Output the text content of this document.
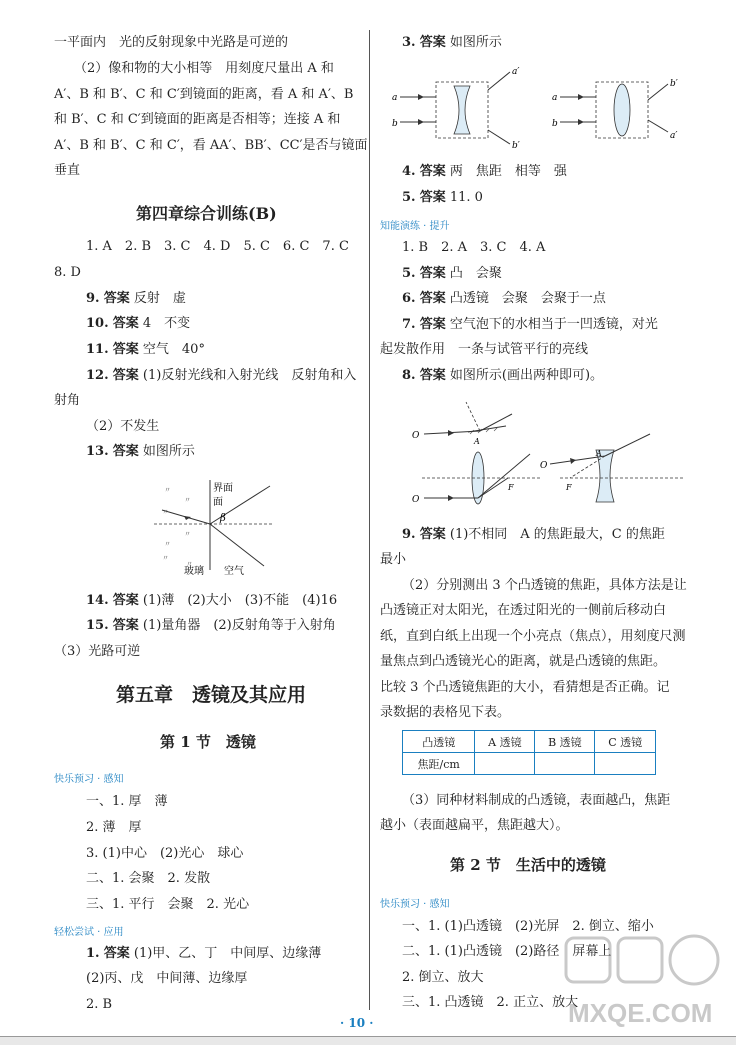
一平面内　光的反射现象中光路是可逆的
（2）像和物的大小相等　用刻度尺量出 A 和
A′、B 和 B′、C 和 C′到镜面的距离，看 A 和 A′、B
和 B′、C 和 C′到镜面的距离是否相等；连接 A 和
A′、B 和 B′、C 和 C′，看 AA′、BB′、CC′是否与镜面
垂直
第四章综合训练(B)
1. A　2. B　3. C　4. D　5. C　6. C　7. C
8. D
9. 答案 反射　虚
10. 答案 4　不变
11. 答案 空气　40°
12. 答案 (1)反射光线和入射光线　反射角和入
射角
（2）不发生
13. 答案 如图所示
〃
〃
〃
〃
〃
〃
〃
界面
面
β
玻璃 空气
14. 答案 (1)薄　(2)大小　(3)不能　(4)16
15. 答案 (1)量角器　(2)反射角等于入射角
（3）光路可逆
第五章　透镜及其应用
第 1 节　透镜
快乐预习 · 感知
一、1. 厚　薄
2. 薄　厚
3. (1)中心　(2)光心　球心
二、1. 会聚　2. 发散
三、1. 平行　会聚　2. 光心
轻松尝试 · 应用
1. 答案 (1)甲、乙、丁　中间厚、边缘薄
(2)丙、戊　中间薄、边缘厚
2. B
3. 答案 如图所示
a
b
a′
b′
a
b
b′
a′
4. 答案 两　焦距　相等　强
5. 答案 11. 0
知能演练 · 提升
1. B　2. A　3. C　4. A
5. 答案 凸　会聚
6. 答案 凸透镜　会聚　会聚于一点
7. 答案 空气泡下的水相当于一凹透镜，对光
起发散作用　一条与试管平行的亮线
8. 答案 如图所示(画出两种即可)。
O
A
O
F
O
A
F
9. 答案 (1)不相同　A 的焦距最大，C 的焦距
最小
（2）分别测出 3 个凸透镜的焦距，具体方法是让
凸透镜正对太阳光，在透过阳光的一侧前后移动白
纸，直到白纸上出现一个小亮点（焦点），用刻度尺测
量焦点到凸透镜光心的距离，就是凸透镜的焦距。
比较 3 个凸透镜焦距的大小，看猜想是否正确。记
录数据的表格见下表。
凸透镜	A 透镜	B 透镜	C 透镜
焦距/cm			
（3）同种材料制成的凸透镜，表面越凸，焦距
越小（表面越扁平，焦距越大）。
第 2 节　生活中的透镜
快乐预习 · 感知
一、1. (1)凸透镜　(2)光屏　2. 倒立、缩小
二、1. (1)凸透镜　(2)路径　屏幕上
2. 倒立、放大
三、1. 凸透镜　2. 正立、放大
· 10 ·	MXQE.COM
